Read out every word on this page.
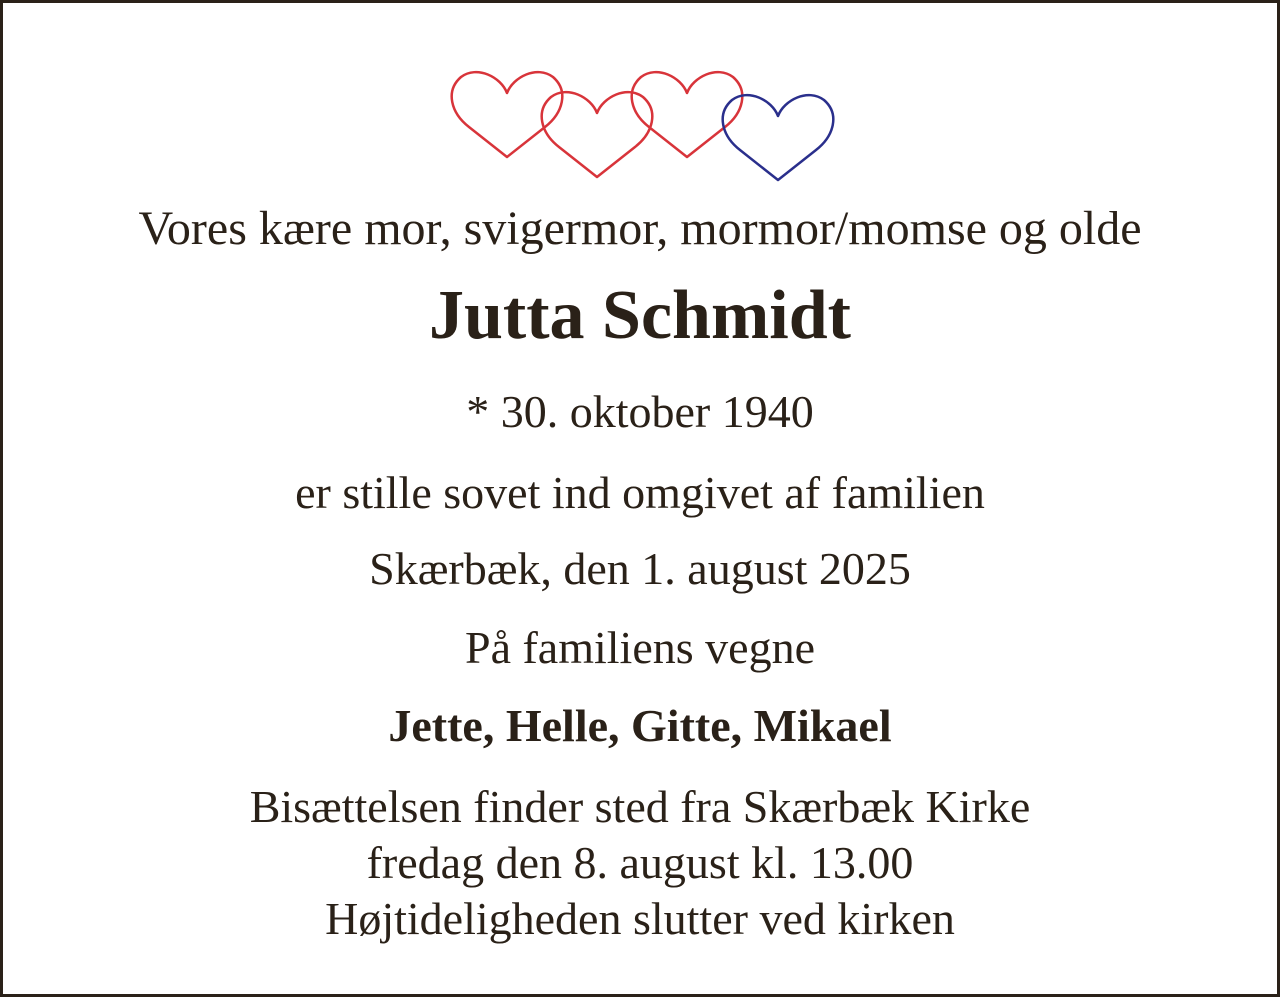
Vores kære mor, svigermor, mormor/momse og olde

Jutta Schmidt

* 30. oktober 1940

er stille sovet ind omgivet af familien

Skærbæk, den 1. august 2025

På familiens vegne

Jette, Helle, Gitte, Mikael

Bisættelsen finder sted fra Skærbæk Kirke
fredag den 8. august kl. 13.00
Højtideligheden slutter ved kirken
